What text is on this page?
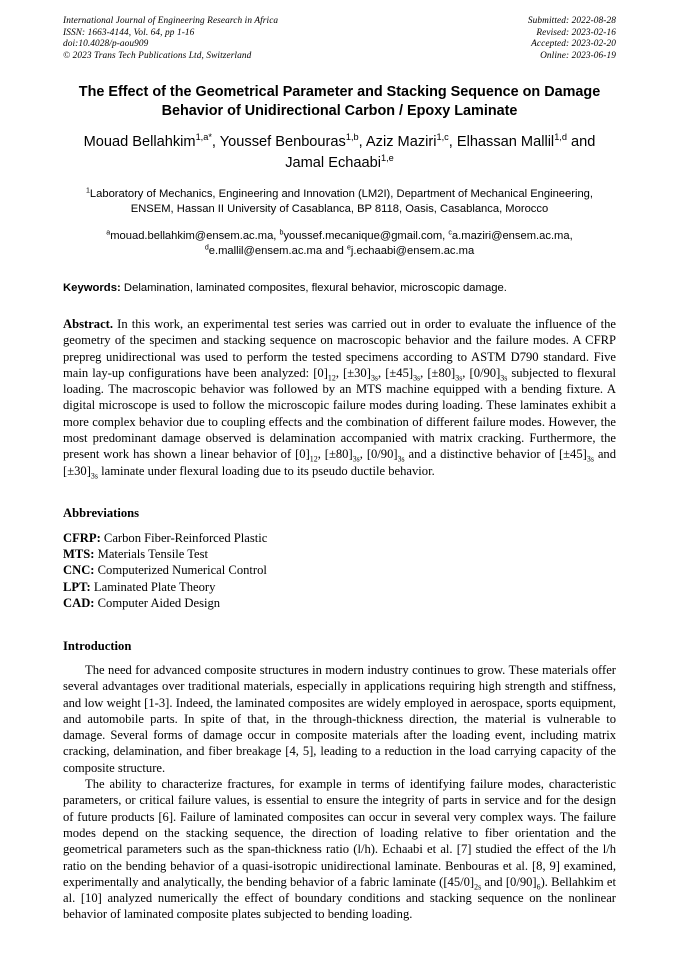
International Journal of Engineering Research in Africa
ISSN: 1663-4144, Vol. 64, pp 1-16
doi:10.4028/p-aou909
© 2023 Trans Tech Publications Ltd, Switzerland
Submitted: 2022-08-28
Revised: 2023-02-16
Accepted: 2023-02-20
Online: 2023-06-19
The Effect of the Geometrical Parameter and Stacking Sequence on Damage Behavior of Unidirectional Carbon / Epoxy Laminate
Mouad Bellahkim$^{1,a*}$, Youssef Benbouras$^{1,b}$, Aziz Maziri$^{1,c}$, Elhassan Mallil$^{1,d}$ and Jamal Echaabi$^{1,e}$
$^1$Laboratory of Mechanics, Engineering and Innovation (LM2I), Department of Mechanical Engineering, ENSEM, Hassan II University of Casablanca, BP 8118, Oasis, Casablanca, Morocco
$^a$mouad.bellahkim@ensem.ac.ma, $^b$youssef.mecanique@gmail.com, $^c$a.maziri@ensem.ac.ma, $^d$e.mallil@ensem.ac.ma and $^e$j.echaabi@ensem.ac.ma
Keywords: Delamination, laminated composites, flexural behavior, microscopic damage.
Abstract. In this work, an experimental test series was carried out in order to evaluate the influence of the geometry of the specimen and stacking sequence on macroscopic behavior and the failure modes. A CFRP prepreg unidirectional was used to perform the tested specimens according to ASTM D790 standard. Five main lay-up configurations have been analyzed: $[0]_{12}$, $[\pm 30]_{3s}$, $[\pm 45]_{3s}$, $[\pm 80]_{3s}$, $[0/90]_{3s}$ subjected to flexural loading. The macroscopic behavior was followed by an MTS machine equipped with a bending fixture. A digital microscope is used to follow the microscopic failure modes during loading. These laminates exhibit a more complex behavior due to coupling effects and the combination of different failure modes. However, the most predominant damage observed is delamination accompanied with matrix cracking. Furthermore, the present work has shown a linear behavior of $[0]_{12}$, $[\pm 80]_{3s}$, $[0/90]_{3s}$ and a distinctive behavior of $[\pm 45]_{3s}$ and $[\pm 30]_{3s}$ laminate under flexural loading due to its pseudo ductile behavior.
Abbreviations
CFRP: Carbon Fiber-Reinforced Plastic
MTS: Materials Tensile Test
CNC: Computerized Numerical Control
LPT: Laminated Plate Theory
CAD: Computer Aided Design
Introduction

The need for advanced composite structures in modern industry continues to grow. These materials offer several advantages over traditional materials, especially in applications requiring high strength and stiffness, and low weight [1-3]. Indeed, the laminated composites are widely employed in aerospace, sports equipment, and automobile parts. In spite of that, in the through-thickness direction, the material is vulnerable to damage. Several forms of damage occur in composite materials after the loading event, including matrix cracking, delamination, and fiber breakage [4, 5], leading to a reduction in the load carrying capacity of the composite structure.

The ability to characterize fractures, for example in terms of identifying failure modes, characteristic parameters, or critical failure values, is essential to ensure the integrity of parts in service and for the design of future products [6]. Failure of laminated composites can occur in several very complex ways. The failure modes depend on the stacking sequence, the direction of loading relative to fiber orientation and the geometrical parameters such as the span-thickness ratio (l/h). Echaabi et al. [7] studied the effect of the l/h ratio on the bending behavior of a quasi-isotropic unidirectional laminate. Benbouras et al. [8, 9] examined, experimentally and analytically, the bending behavior of a fabric laminate ($[45/0]_{2s}$ and $[0/90]_6$). Bellahkim et al. [10] analyzed numerically the effect of boundary conditions and stacking sequence on the nonlinear behavior of laminated composite plates subjected to bending loading.
